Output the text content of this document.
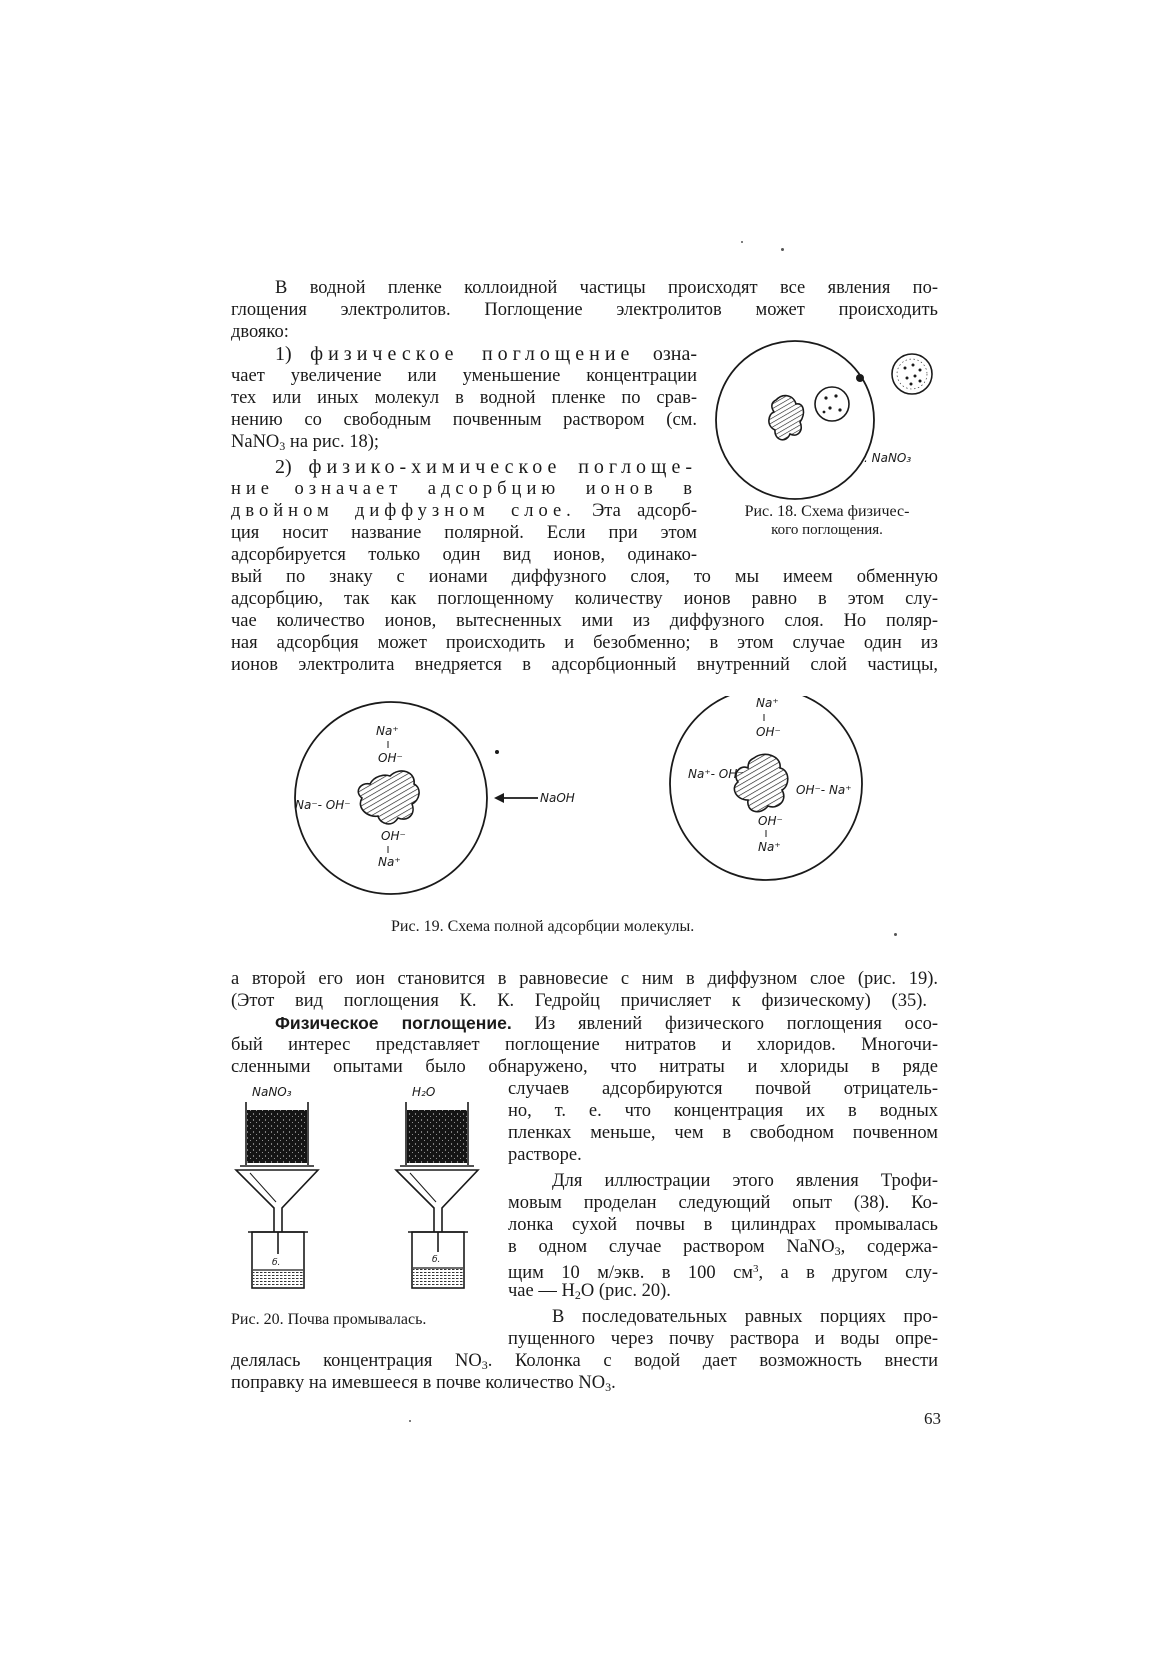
В водной пленке коллоидной частицы происходят все явления по-
глощения электролитов. Поглощение электролитов может происходить
двояко:
1) физическое поглощение озна-
чает увеличение или уменьшение концентрации
тех или иных молекул в водной пленке по срав-
нению со свободным почвенным раствором (см.
NaNO$_3$ на рис. 18);
2) физико-химическое поглоще-
ние означает адсорбцию ионов в
двойном диффузном слое. Эта адсорб-
ция носит название полярной. Если при этом
адсорбируется только один вид ионов, одинако-
. NaNO₃
Рис. 18. Схема физичес-
кого поглощения.
вый по знаку с ионами диффузного слоя, то мы имеем обменную
адсорбцию, так как поглощенному количеству ионов равно в этом слу-
чае количество ионов, вытесненных ими из диффузного слоя. Но поляр-
ная адсорбция может происходить и безобменно; в этом случае один из
ионов электролита внедряется в адсорбционный внутренний слой частицы,
Na⁺
OH⁻
Na⁻- OH⁻
OH⁻
Na⁺
NaOH
Na⁺
OH⁻
Na⁺- OH⁻
OH⁻- Na⁺
OH⁻
Na⁺
Рис. 19. Схема полной адсорбции молекулы.
а второй его ион становится в равновесие с ним в диффузном слое (рис. 19).
(Этот вид поглощения К. К. Гедройц причисляет к физическому) (35).
Физическое поглощение. Из явлений физического поглощения осо-
бый интерес представляет поглощение нитратов и хлоридов. Многочи-
сленными опытами было обнаружено, что нитраты и хлориды в ряде
случаев адсорбируются почвой отрицатель-
но, т. е. что концентрация их в водных
пленках меньше, чем в свободном почвенном
растворе.
Для иллюстрации этого явления Трофи-
мовым проделан следующий опыт (38). Ко-
лонка сухой почвы в цилиндрах промывалась
в одном случае раствором NaNO$_3$, содержа-
щим 10 м/экв. в 100 $см^3$, а в другом слу-
чае — $H_2O$ (рис. 20).
В последовательных равных порциях про-
пущенного через почву раствора и воды опре-
делялась концентрация $NO_3$. Колонка с водой дает возможность внести
поправку на имевшееся в почве количество $NO_3$.
NaNO₃
б.
H₂O
б.
Рис. 20. Почва промывалась.
63
